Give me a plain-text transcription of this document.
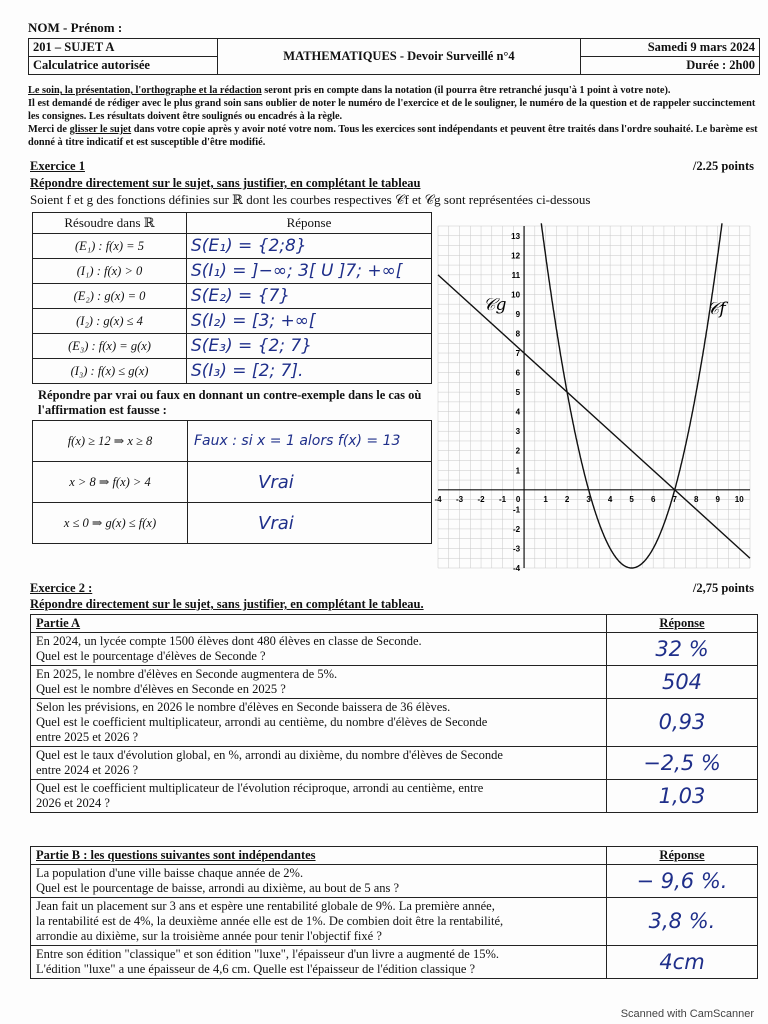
NOM - Prénom :
201 – SUJET A	MATHEMATIQUES - Devoir Surveillé n°4	Samedi 9 mars 2024
Calculatrice autorisée		Durée : 2h00
Le soin, la présentation, l'orthographe et la rédaction seront pris en compte dans la notation (il pourra être retranché jusqu'à 1 point à votre note).
Il est demandé de rédiger avec le plus grand soin sans oublier de noter le numéro de l'exercice et de le souligner, le numéro de la question et de rappeler succinctement les consignes. Les résultats doivent être soulignés ou encadrés à la règle.
Merci de glisser le sujet dans votre copie après y avoir noté votre nom. Tous les exercices sont indépendants et peuvent être traités dans l'ordre souhaité. Le barème est donné à titre indicatif et est susceptible d'être modifié.
Exercice 1	/2.25 points
Répondre directement sur le sujet, sans justifier, en complétant le tableau
Soient f et g des fonctions définies sur ℝ dont les courbes respectives 𝒞f et 𝒞g sont représentées ci-dessous
Résoudre dans ℝ	Réponse
(E₁) : f(x) = 5	S(E₁) = {2;8}
(I₁) : f(x) > 0	S(I₁) = ]−∞; 3[ U ]7; +∞[
(E₂) : g(x) = 0	S(E₂) = {7}
(I₂) : g(x) ≤ 4	S(I₂) = [3; +∞[
(E₃) : f(x) = g(x)	S(E₃) = {2; 7}
(I₃) : f(x) ≤ g(x)	S(I₃) = [2; 7].
Répondre par vrai ou faux en donnant un contre-exemple dans le cas où l'affirmation est fausse :
f(x) ≥ 12 ⇒ x ≥ 8	Faux : si x = 1 alors f(x) = 13
x > 8 ⇒ f(x) > 4	Vrai
x ≤ 0 ⇒ g(x) ≤ f(x)	Vrai
-4 -3 -2 -1 0	1 2 3 4 5 6 7 8 9 10
-4
-3
-2
-1
1
2
3
4
5
6
7
8
9
10
11
12
13
𝒞f
𝒞g
Exercice 2 :	/2,75 points
Répondre directement sur le sujet, sans justifier, en complétant le tableau.
Partie A	Réponse

En 2024, un lycée compte 1500 élèves dont 480 élèves en classe de Seconde.
Quel est le pourcentage d'élèves de Seconde ?	32 %

En 2025, le nombre d'élèves en Seconde augmentera de 5%.
Quel est le nombre d'élèves en Seconde en 2025 ?	504

Selon les prévisions, en 2026 le nombre d'élèves en Seconde baissera de 36 élèves.
Quel est le coefficient multiplicateur, arrondi au centième, du nombre d'élèves de Seconde
entre 2025 et 2026 ?	0,93

Quel est le taux d'évolution global, en %, arrondi au dixième, du nombre d'élèves de Seconde
entre 2024 et 2026 ?	−2,5 %

Quel est le coefficient multiplicateur de l'évolution réciproque, arrondi au centième, entre
2026 et 2024 ?	1,03
Partie B : les questions suivantes sont indépendantes	Réponse

La population d'une ville baisse chaque année de 2%.
Quel est le pourcentage de baisse, arrondi au dixième, au bout de 5 ans ?	− 9,6 %.

Jean fait un placement sur 3 ans et espère une rentabilité globale de 9%. La première année,
la rentabilité est de 4%, la deuxième année elle est de 1%. De combien doit être la rentabilité,
arrondie au dixième, sur la troisième année pour tenir l'objectif fixé ?	3,8 %.

Entre son édition "classique" et son édition "luxe", l'épaisseur d'un livre a augmenté de 15%.
L'édition "luxe" a une épaisseur de 4,6 cm. Quelle est l'épaisseur de l'édition classique ?	4cm
Scanned with CamScanner
